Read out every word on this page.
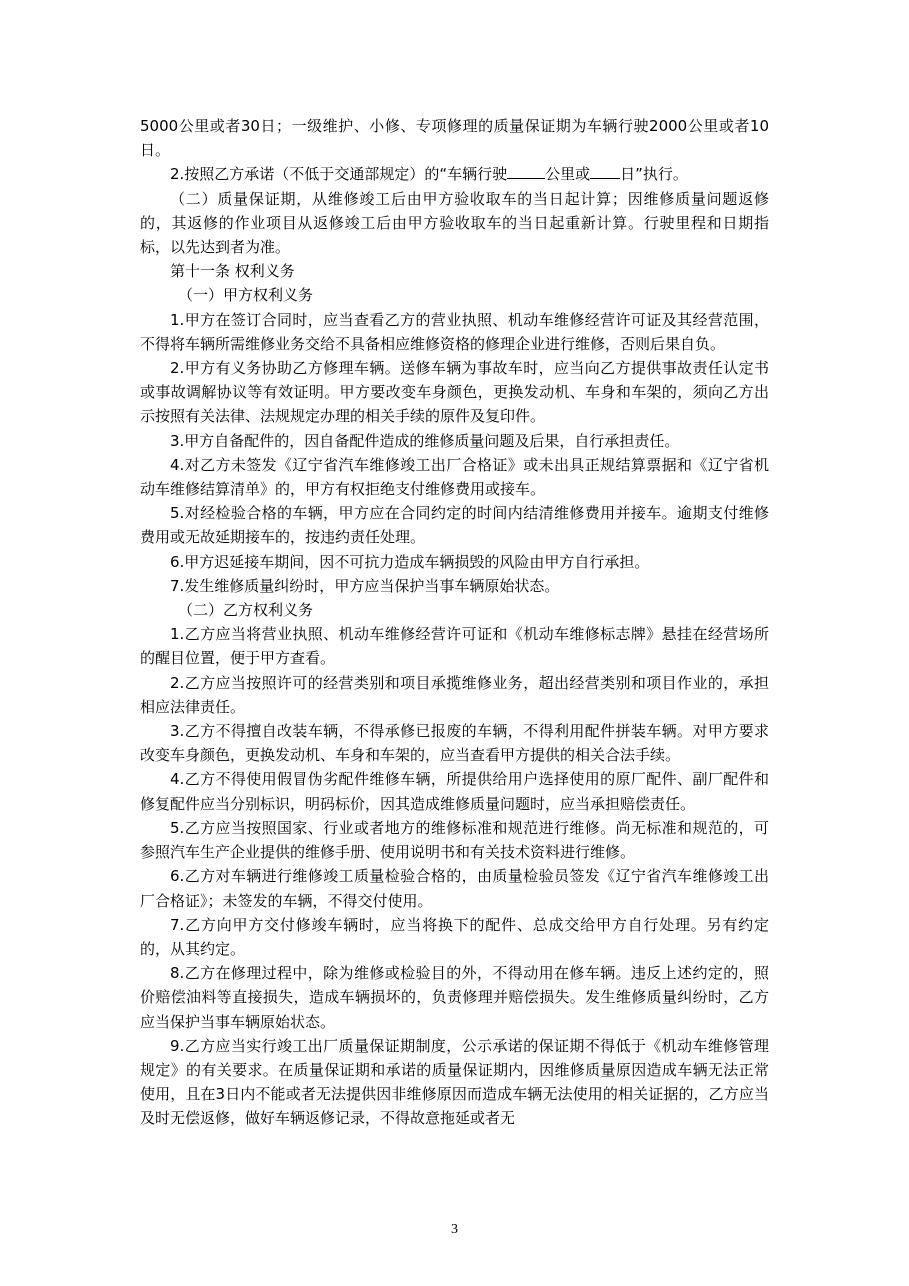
5000公里或者30日；一级维护、小修、专项修理的质量保证期为车辆行驶2000公里或者10日。

2.按照乙方承诺（不低于交通部规定）的“车辆行驶	公里或 日”执行。

（二）质量保证期，从维修竣工后由甲方验收取车的当日起计算；因维修质量问题返修的，其返修的作业项目从返修竣工后由甲方验收取车的当日起重新计算。行驶里程和日期指标，以先达到者为准。

第十一条 权利义务

（一）甲方权利义务

1.甲方在签订合同时，应当查看乙方的营业执照、机动车维修经营许可证及其经营范围，不得将车辆所需维修业务交给不具备相应维修资格的修理企业进行维修，否则后果自负。

2.甲方有义务协助乙方修理车辆。送修车辆为事故车时，应当向乙方提供事故责任认定书或事故调解协议等有效证明。甲方要改变车身颜色，更换发动机、车身和车架的，须向乙方出示按照有关法律、法规规定办理的相关手续的原件及复印件。

3.甲方自备配件的，因自备配件造成的维修质量问题及后果，自行承担责任。

4.对乙方未签发《辽宁省汽车维修竣工出厂合格证》或未出具正规结算票据和《辽宁省机动车维修结算清单》的，甲方有权拒绝支付维修费用或接车。

5.对经检验合格的车辆，甲方应在合同约定的时间内结清维修费用并接车。逾期支付维修费用或无故延期接车的，按违约责任处理。

6.甲方迟延接车期间，因不可抗力造成车辆损毁的风险由甲方自行承担。

7.发生维修质量纠纷时，甲方应当保护当事车辆原始状态。

（二）乙方权利义务

1.乙方应当将营业执照、机动车维修经营许可证和《机动车维修标志牌》悬挂在经营场所的醒目位置，便于甲方查看。

2.乙方应当按照许可的经营类别和项目承揽维修业务，超出经营类别和项目作业的，承担相应法律责任。

3.乙方不得擅自改装车辆，不得承修已报废的车辆，不得利用配件拼装车辆。对甲方要求改变车身颜色，更换发动机、车身和车架的，应当查看甲方提供的相关合法手续。

4.乙方不得使用假冒伪劣配件维修车辆，所提供给用户选择使用的原厂配件、副厂配件和修复配件应当分别标识，明码标价，因其造成维修质量问题时，应当承担赔偿责任。

5.乙方应当按照国家、行业或者地方的维修标准和规范进行维修。尚无标准和规范的，可参照汽车生产企业提供的维修手册、使用说明书和有关技术资料进行维修。

6.乙方对车辆进行维修竣工质量检验合格的，由质量检验员签发《辽宁省汽车维修竣工出厂合格证》；未签发的车辆，不得交付使用。

7.乙方向甲方交付修竣车辆时，应当将换下的配件、总成交给甲方自行处理。另有约定的，从其约定。

8.乙方在修理过程中，除为维修或检验目的外，不得动用在修车辆。违反上述约定的，照价赔偿油料等直接损失，造成车辆损坏的，负责修理并赔偿损失。发生维修质量纠纷时，乙方应当保护当事车辆原始状态。

9.乙方应当实行竣工出厂质量保证期制度，公示承诺的保证期不得低于《机动车维修管理规定》的有关要求。在质量保证期和承诺的质量保证期内，因维修质量原因造成车辆无法正常使用，且在3日内不能或者无法提供因非维修原因而造成车辆无法使用的相关证据的，乙方应当及时无偿返修，做好车辆返修记录，不得故意拖延或者无

3
